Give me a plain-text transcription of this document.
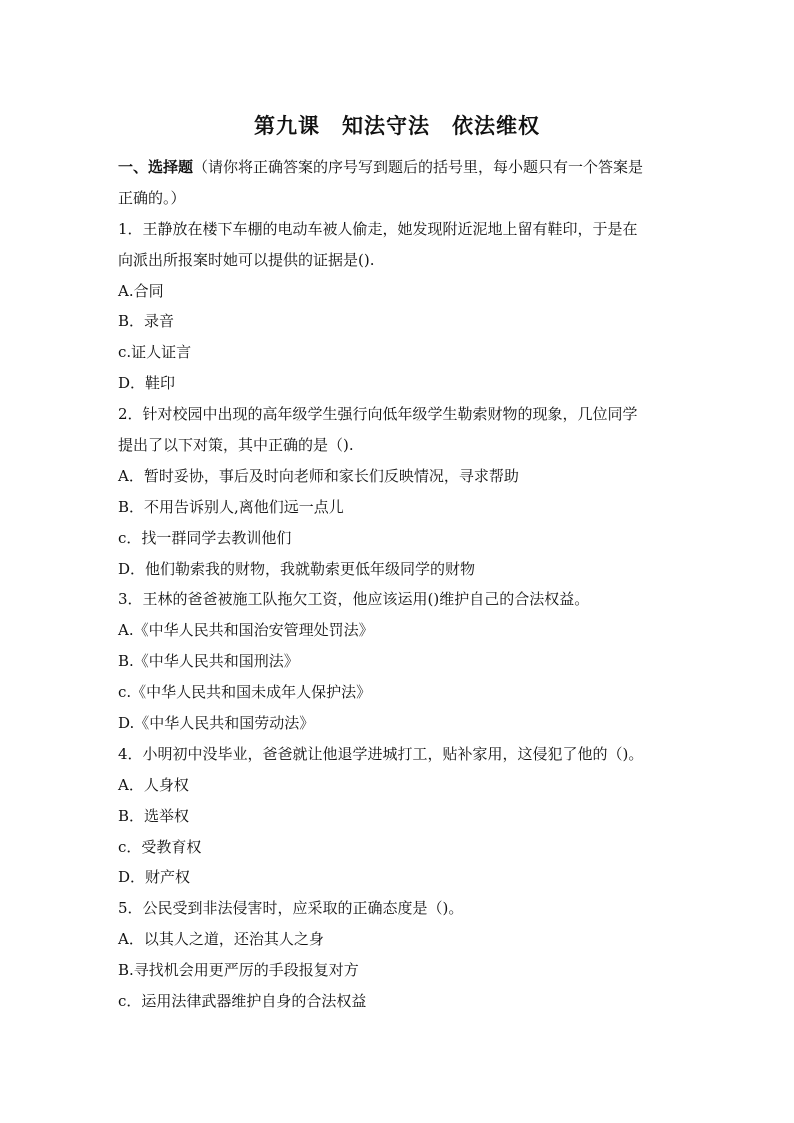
第九课　知法守法　依法维权
一、选择题（请你将正确答案的序号写到题后的括号里，每小题只有一个答案是
正确的。）
1．王静放在楼下车棚的电动车被人偷走，她发现附近泥地上留有鞋印，于是在
向派出所报案时她可以提供的证据是().
A.合同
B．录音
c.证人证言
D．鞋印
2．针对校园中出现的高年级学生强行向低年级学生勒索财物的现象，几位同学
提出了以下对策，其中正确的是（).
A．暂时妥协，事后及时向老师和家长们反映情况，寻求帮助
B．不用告诉别人,离他们远一点儿
c．找一群同学去教训他们
D．他们勒索我的财物，我就勒索更低年级同学的财物
3．王林的爸爸被施工队拖欠工资，他应该运用()维护自己的合法权益。
A.《中华人民共和国治安管理处罚法》
B.《中华人民共和国刑法》
c.《中华人民共和国未成年人保护法》
D.《中华人民共和国劳动法》
4．小明初中没毕业，爸爸就让他退学进城打工，贴补家用，这侵犯了他的（)。
A．人身权
B．选举权
c．受教育权
D．财产权
5．公民受到非法侵害时，应采取的正确态度是（)。
A．以其人之道，还治其人之身
B.寻找机会用更严厉的手段报复对方
c．运用法律武器维护自身的合法权益
